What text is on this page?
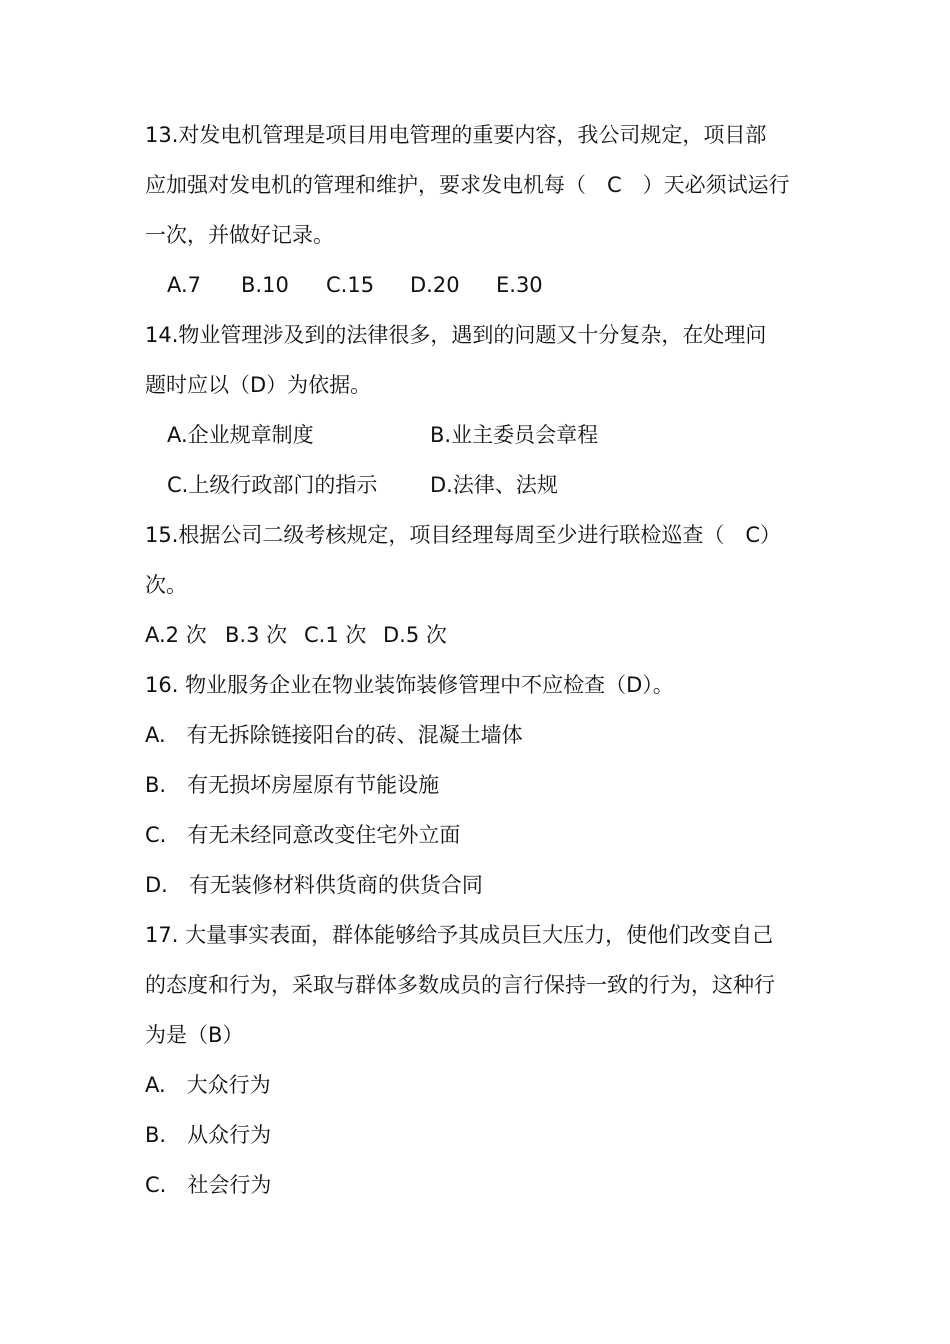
13.对发电机管理是项目用电管理的重要内容，我公司规定，项目部
应加强对发电机的管理和维护，要求发电机每（　C　）天必须试运行
一次，并做好记录。
A.7 B.10 C.15 D.20 E.30
14.物业管理涉及到的法律很多，遇到的问题又十分复杂，在处理问
题时应以（D）为依据。
A.企业规章制度	B.业主委员会章程
C.上级行政部门的指示	D.法律、法规
15.根据公司二级考核规定，项目经理每周至少进行联检巡查（　C）
次。
A.2 次 B.3 次 C.1 次 D.5 次
16. 物业服务企业在物业装饰装修管理中不应检查（D）。
A.　有无拆除链接阳台的砖、混凝土墙体
B.　有无损坏房屋原有节能设施
C.　有无未经同意改变住宅外立面
D.　有无装修材料供货商的供货合同
17. 大量事实表面，群体能够给予其成员巨大压力，使他们改变自己
的态度和行为，采取与群体多数成员的言行保持一致的行为，这种行
为是（B）
A.　大众行为
B.　从众行为
C.　社会行为
